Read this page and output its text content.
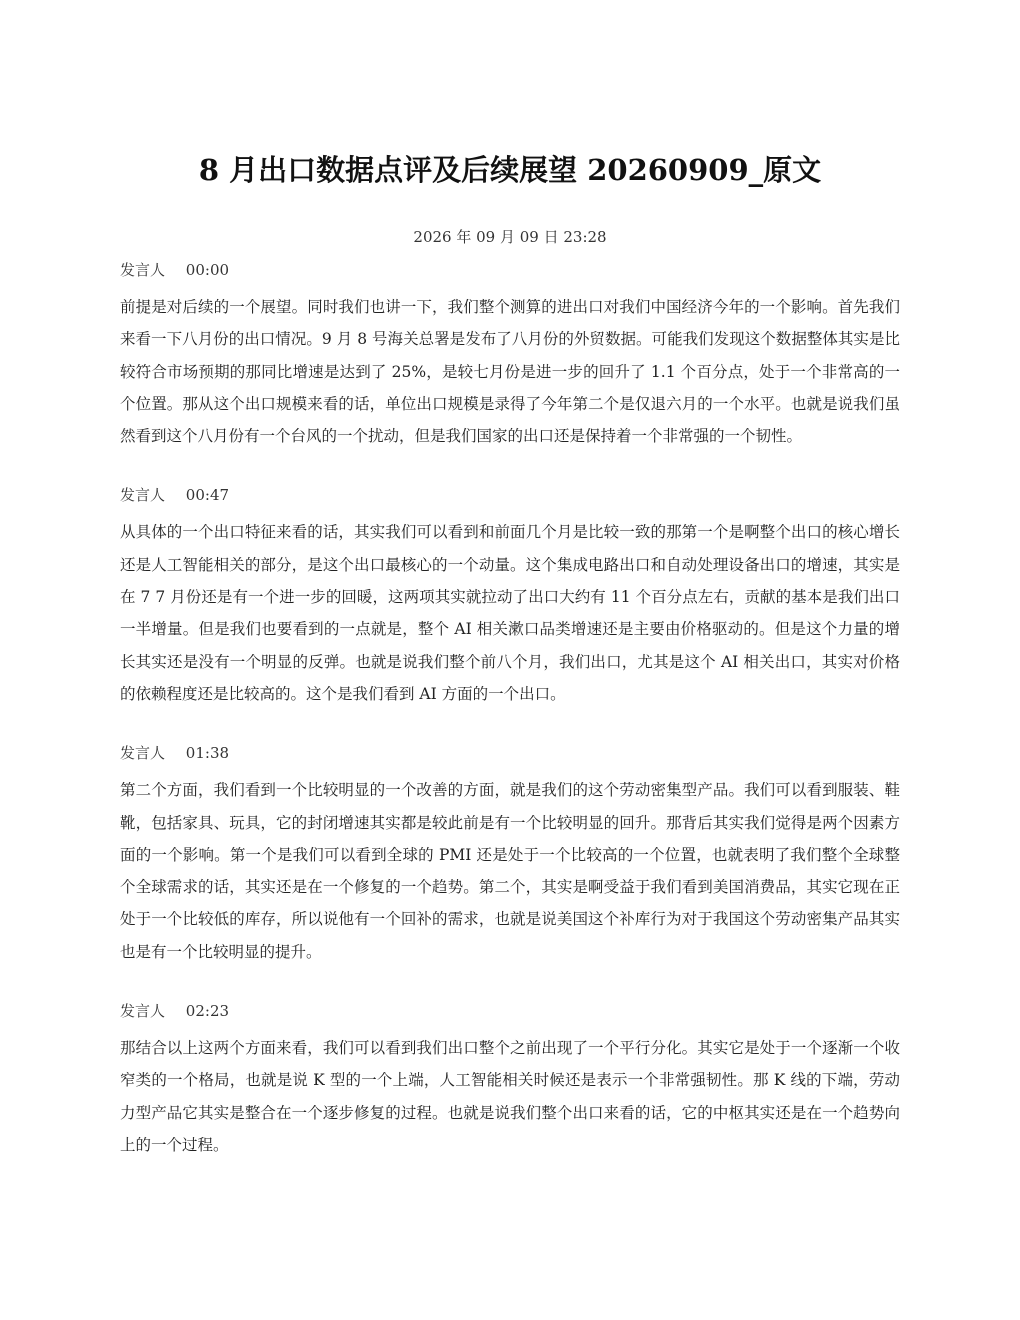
8 月出口数据点评及后续展望 20260909_原文
2026 年 09 月 09 日 23:28
发言人 00:00

前提是对后续的一个展望。同时我们也讲一下，我们整个测算的进出口对我们中国经济今年的一个影响。首先我们来看一下八月份的出口情况。9 月 8 号海关总署是发布了八月份的外贸数据。可能我们发现这个数据整体其实是比较符合市场预期的那同比增速是达到了 25%，是较七月份是进一步的回升了 1.1 个百分点，处于一个非常高的一个位置。那从这个出口规模来看的话，单位出口规模是录得了今年第二个是仅退六月的一个水平。也就是说我们虽然看到这个八月份有一个台风的一个扰动，但是我们国家的出口还是保持着一个非常强的一个韧性。

发言人 00:47

从具体的一个出口特征来看的话，其实我们可以看到和前面几个月是比较一致的那第一个是啊整个出口的核心增长还是人工智能相关的部分，是这个出口最核心的一个动量。这个集成电路出口和自动处理设备出口的增速，其实是在 7 7 月份还是有一个进一步的回暖，这两项其实就拉动了出口大约有 11 个百分点左右，贡献的基本是我们出口一半增量。但是我们也要看到的一点就是，整个 AI 相关漱口品类增速还是主要由价格驱动的。但是这个力量的增长其实还是没有一个明显的反弹。也就是说我们整个前八个月，我们出口，尤其是这个 AI 相关出口，其实对价格的依赖程度还是比较高的。这个是我们看到 AI 方面的一个出口。

发言人 01:38

第二个方面，我们看到一个比较明显的一个改善的方面，就是我们的这个劳动密集型产品。我们可以看到服装、鞋靴，包括家具、玩具，它的封闭增速其实都是较此前是有一个比较明显的回升。那背后其实我们觉得是两个因素方面的一个影响。第一个是我们可以看到全球的 PMI 还是处于一个比较高的一个位置，也就表明了我们整个全球整个全球需求的话，其实还是在一个修复的一个趋势。第二个，其实是啊受益于我们看到美国消费品，其实它现在正处于一个比较低的库存，所以说他有一个回补的需求，也就是说美国这个补库行为对于我国这个劳动密集产品其实也是有一个比较明显的提升。

发言人 02:23

那结合以上这两个方面来看，我们可以看到我们出口整个之前出现了一个平行分化。其实它是处于一个逐渐一个收窄类的一个格局，也就是说 K 型的一个上端，人工智能相关时候还是表示一个非常强韧性。那 K 线的下端，劳动力型产品它其实是整合在一个逐步修复的过程。也就是说我们整个出口来看的话，它的中枢其实还是在一个趋势向上的一个过程。
